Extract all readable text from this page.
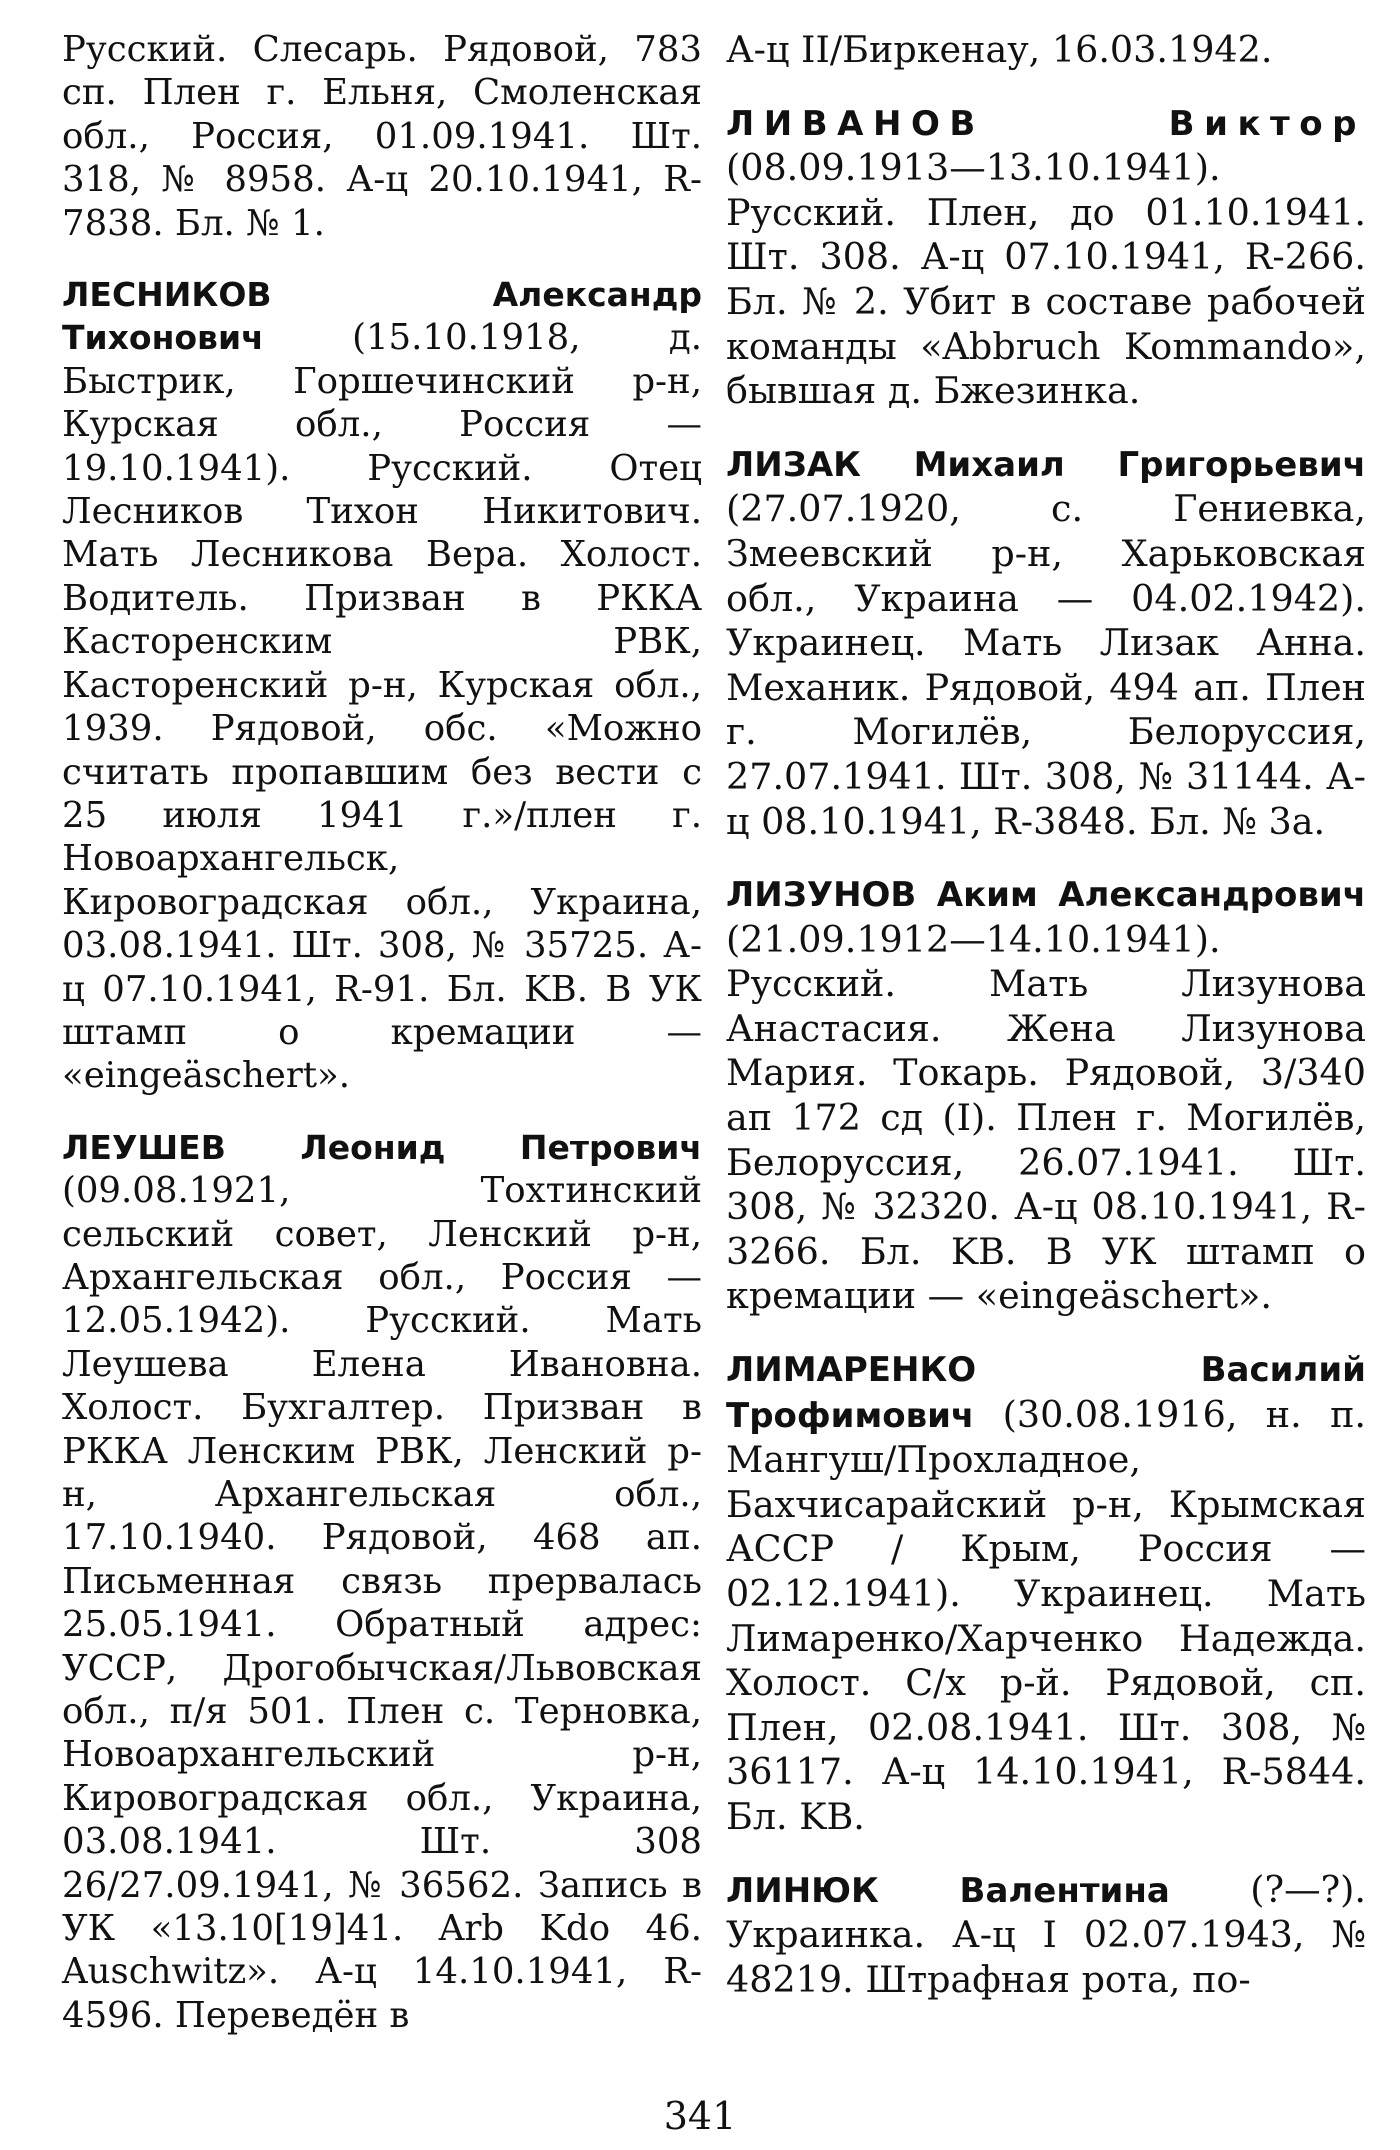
Русский. Слесарь. Рядовой, 783 сп. Плен г. Ельня, Смоленская обл., Россия, 01.09.1941. Шт. 318, № 8958. А-ц 20.10.1941, R-7838. Бл. № 1.

ЛЕСНИКОВ Александр Тихонович (15.10.1918, д. Быстрик, Горшечинский р-н, Курская обл., Россия — 19.10.1941). Русский. Отец Лесников Тихон Никитович. Мать Лесникова Вера. Холост. Водитель. Призван в РККА Касторенским РВК, Касторенский р-н, Курская обл., 1939. Рядовой, обс. «Можно считать пропавшим без вести с 25 июля 1941 г.»/плен г. Новоархангельск, Кировоградская обл., Украина, 03.08.1941. Шт. 308, № 35725. А-ц 07.10.1941, R-91. Бл. KB. В УК штамп о кремации — «eingeäschert».

ЛЕУШЕВ Леонид Петрович (09.08.1921, Тохтинский сельский совет, Ленский р-н, Архангельская обл., Россия — 12.05.1942). Русский. Мать Леушева Елена Ивановна. Холост. Бухгалтер. Призван в РККА Ленским РВК, Ленский р-н, Архангельская обл., 17.10.1940. Рядовой, 468 ап. Письменная связь прервалась 25.05.1941. Обратный адрес: УССР, Дрогобычская/Львовская обл., п/я 501. Плен с. Терновка, Новоархангельский р-н, Кировоградская обл., Украина, 03.08.1941. Шт. 308 26/27.09.1941, № 36562. Запись в УК «13.10[19]41. Arb Kdo 46. Auschwitz». А-ц 14.10.1941, R-4596. Переведён в

А-ц II/Биркенау, 16.03.1942.

ЛИВАНОВ Виктор (08.09.1913—13.10.1941). Русский. Плен, до 01.10.1941. Шт. 308. А-ц 07.10.1941, R-266. Бл. № 2. Убит в составе рабочей команды «Abbruch Kommando», бывшая д. Бжезинка.

ЛИЗАК Михаил Григорьевич (27.07.1920, с. Гениевка, Змеевский р-н, Харьковская обл., Украина — 04.02.1942). Украинец. Мать Лизак Анна. Механик. Рядовой, 494 ап. Плен г. Могилёв, Белоруссия, 27.07.1941. Шт. 308, № 31144. А-ц 08.10.1941, R-3848. Бл. № 3а.

ЛИЗУНОВ Аким Александрович (21.09.1912—14.10.1941). Русский. Мать Лизунова Анастасия. Жена Лизунова Мария. Токарь. Рядовой, 3/340 ап 172 сд (I). Плен г. Могилёв, Белоруссия, 26.07.1941. Шт. 308, № 32320. А-ц 08.10.1941, R-3266. Бл. KB. В УК штамп о кремации — «eingeäschert».

ЛИМАРЕНКО Василий Трофимович (30.08.1916, н. п. Мангуш/Прохладное, Бахчисарайский р-н, Крымская АССР / Крым, Россия — 02.12.1941). Украинец. Мать Лимаренко/Харченко Надежда. Холост. С/х р-й. Рядовой, сп. Плен, 02.08.1941. Шт. 308, № 36117. А-ц 14.10.1941, R-5844. Бл. KB.

ЛИНЮК Валентина (?—?). Украинка. А-ц I 02.07.1943, № 48219. Штрафная рота, по-

341
